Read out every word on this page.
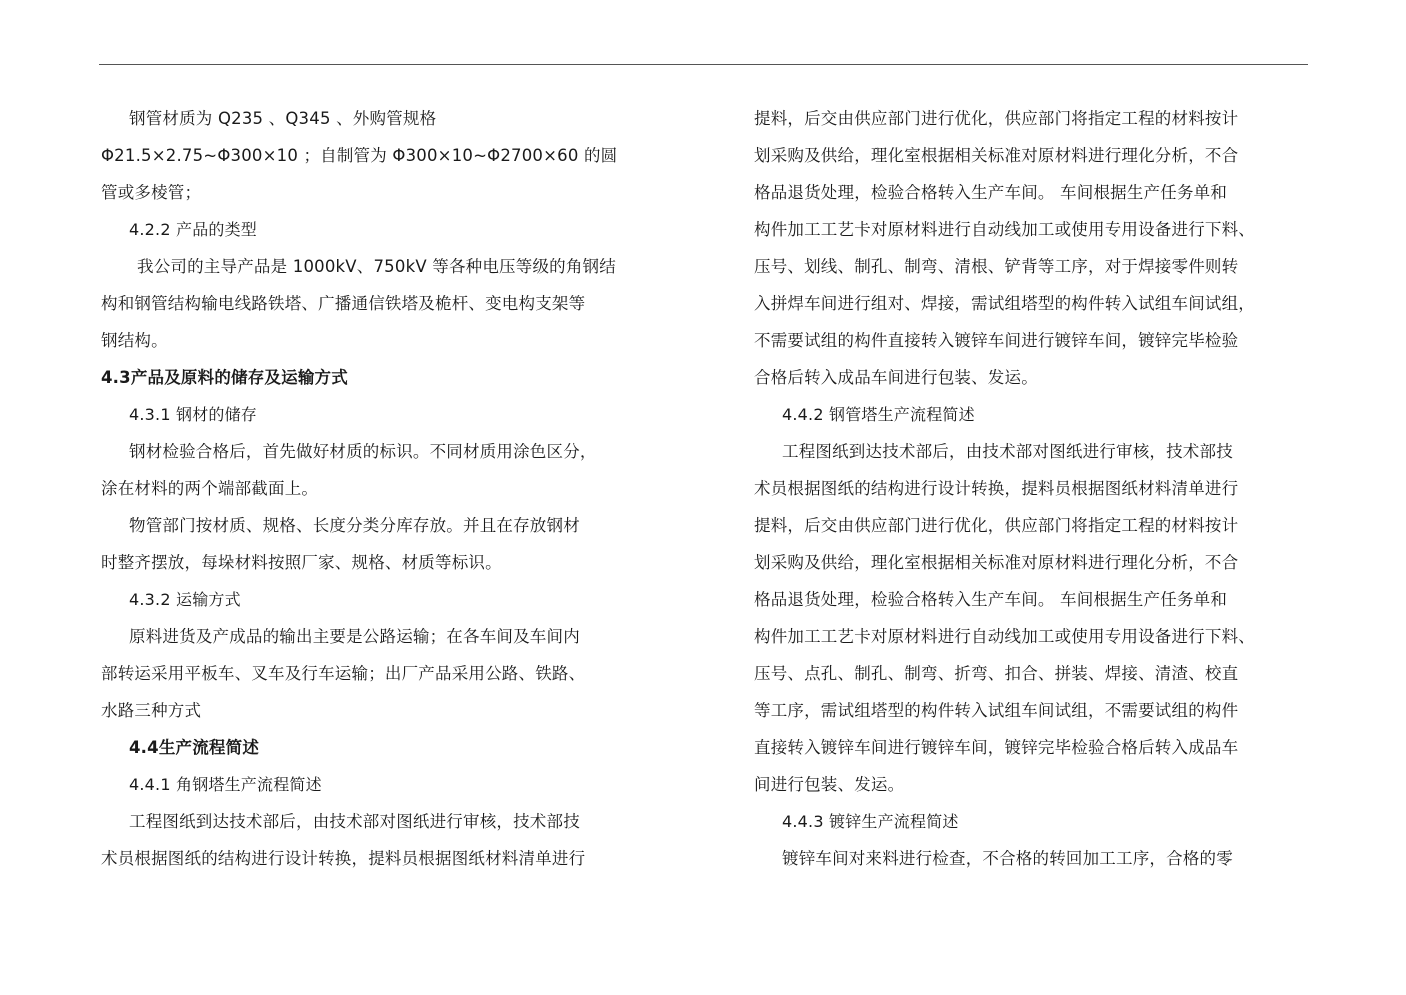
钢管材质为 Q235 、Q345 、外购管规格
Φ21.5×2.75~Φ300×10 ；自制管为 Φ300×10~Φ2700×60 的圆
管或多棱管；
4.2.2 产品的类型
我公司的主导产品是 1000kV、750kV 等各种电压等级的角钢结
构和钢管结构输电线路铁塔、广播通信铁塔及桅杆、变电构支架等
钢结构。
4.3产品及原料的储存及运输方式
4.3.1 钢材的储存
钢材检验合格后，首先做好材质的标识。不同材质用涂色区分，
涂在材料的两个端部截面上。
物管部门按材质、规格、长度分类分库存放。并且在存放钢材
时整齐摆放，每垛材料按照厂家、规格、材质等标识。
4.3.2 运输方式
原料进货及产成品的输出主要是公路运输；在各车间及车间内
部转运采用平板车、叉车及行车运输；出厂产品采用公路、铁路、
水路三种方式
4.4生产流程简述
4.4.1 角钢塔生产流程简述
工程图纸到达技术部后，由技术部对图纸进行审核，技术部技
术员根据图纸的结构进行设计转换，提料员根据图纸材料清单进行
提料，后交由供应部门进行优化，供应部门将指定工程的材料按计
划采购及供给，理化室根据相关标准对原材料进行理化分析，不合
格品退货处理，检验合格转入生产车间。 车间根据生产任务单和
构件加工工艺卡对原材料进行自动线加工或使用专用设备进行下料、
压号、划线、制孔、制弯、清根、铲背等工序，对于焊接零件则转
入拼焊车间进行组对、焊接，需试组塔型的构件转入试组车间试组，
不需要试组的构件直接转入镀锌车间进行镀锌车间，镀锌完毕检验
合格后转入成品车间进行包装、发运。
4.4.2 钢管塔生产流程简述
工程图纸到达技术部后，由技术部对图纸进行审核，技术部技
术员根据图纸的结构进行设计转换，提料员根据图纸材料清单进行
提料，后交由供应部门进行优化，供应部门将指定工程的材料按计
划采购及供给，理化室根据相关标准对原材料进行理化分析，不合
格品退货处理，检验合格转入生产车间。 车间根据生产任务单和
构件加工工艺卡对原材料进行自动线加工或使用专用设备进行下料、
压号、点孔、制孔、制弯、折弯、扣合、拼装、焊接、清渣、校直
等工序，需试组塔型的构件转入试组车间试组，不需要试组的构件
直接转入镀锌车间进行镀锌车间，镀锌完毕检验合格后转入成品车
间进行包装、发运。
4.4.3 镀锌生产流程简述
镀锌车间对来料进行检查，不合格的转回加工工序，合格的零
